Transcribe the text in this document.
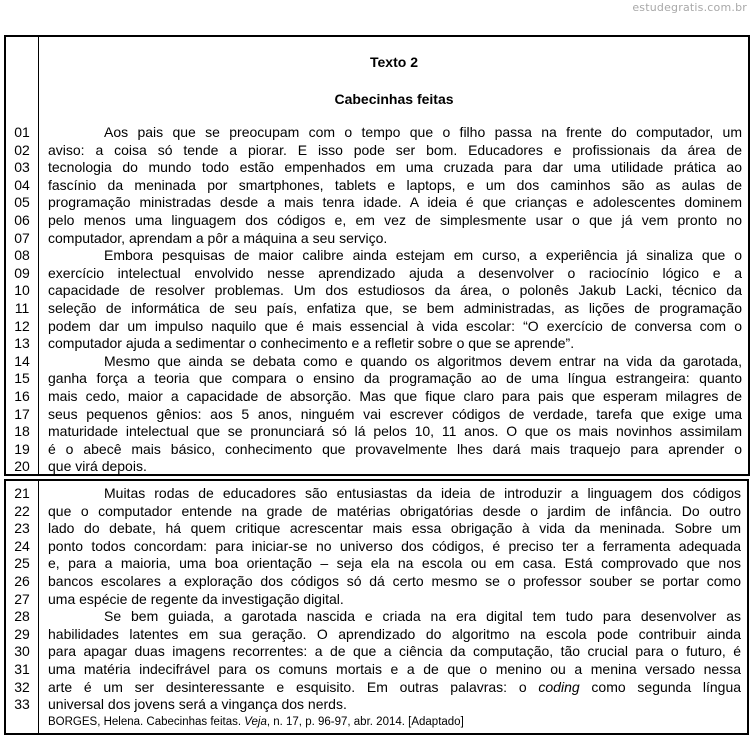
estudegratis.com.br
Texto 2
Cabecinhas feitas
01	Aos pais que se preocupam com o tempo que o filho passa na frente do computador, um
02	aviso: a coisa só tende a piorar. E isso pode ser bom. Educadores e profissionais da área de
03	tecnologia do mundo todo estão empenhados em uma cruzada para dar uma utilidade prática ao
04	fascínio da meninada por smartphones, tablets e laptops, e um dos caminhos são as aulas de
05	programação ministradas desde a mais tenra idade. A ideia é que crianças e adolescentes dominem
06	pelo menos uma linguagem dos códigos e, em vez de simplesmente usar o que já vem pronto no
07	computador, aprendam a pôr a máquina a seu serviço.
08	Embora pesquisas de maior calibre ainda estejam em curso, a experiência já sinaliza que o
09	exercício intelectual envolvido nesse aprendizado ajuda a desenvolver o raciocínio lógico e a
10	capacidade de resolver problemas. Um dos estudiosos da área, o polonês Jakub Lacki, técnico da
11	seleção de informática de seu país, enfatiza que, se bem administradas, as lições de programação
12	podem dar um impulso naquilo que é mais essencial à vida escolar: “O exercício de conversa com o
13	computador ajuda a sedimentar o conhecimento e a refletir sobre o que se aprende”.
14	Mesmo que ainda se debata como e quando os algoritmos devem entrar na vida da garotada,
15	ganha força a teoria que compara o ensino da programação ao de uma língua estrangeira: quanto
16	mais cedo, maior a capacidade de absorção. Mas que fique claro para pais que esperam milagres de
17	seus pequenos gênios: aos 5 anos, ninguém vai escrever códigos de verdade, tarefa que exige uma
18	maturidade intelectual que se pronunciará só lá pelos 10, 11 anos. O que os mais novinhos assimilam
19	é o abecê mais básico, conhecimento que provavelmente lhes dará mais traquejo para aprender o
20	que virá depois.
21	Muitas rodas de educadores são entusiastas da ideia de introduzir a linguagem dos códigos
22	que o computador entende na grade de matérias obrigatórias desde o jardim de infância. Do outro
23	lado do debate, há quem critique acrescentar mais essa obrigação à vida da meninada. Sobre um
24	ponto todos concordam: para iniciar-se no universo dos códigos, é preciso ter a ferramenta adequada
25	e, para a maioria, uma boa orientação – seja ela na escola ou em casa. Está comprovado que nos
26	bancos escolares a exploração dos códigos só dá certo mesmo se o professor souber se portar como
27	uma espécie de regente da investigação digital.
28	Se bem guiada, a garotada nascida e criada na era digital tem tudo para desenvolver as
29	habilidades latentes em sua geração. O aprendizado do algoritmo na escola pode contribuir ainda
30	para apagar duas imagens recorrentes: a de que a ciência da computação, tão crucial para o futuro, é
31	uma matéria indecifrável para os comuns mortais e a de que o menino ou a menina versado nessa
32	arte é um ser desinteressante e esquisito. Em outras palavras: o coding como segunda língua
33	universal dos jovens será a vingança dos nerds.
BORGES, Helena. Cabecinhas feitas. Veja, n. 17, p. 96-97, abr. 2014. [Adaptado]
